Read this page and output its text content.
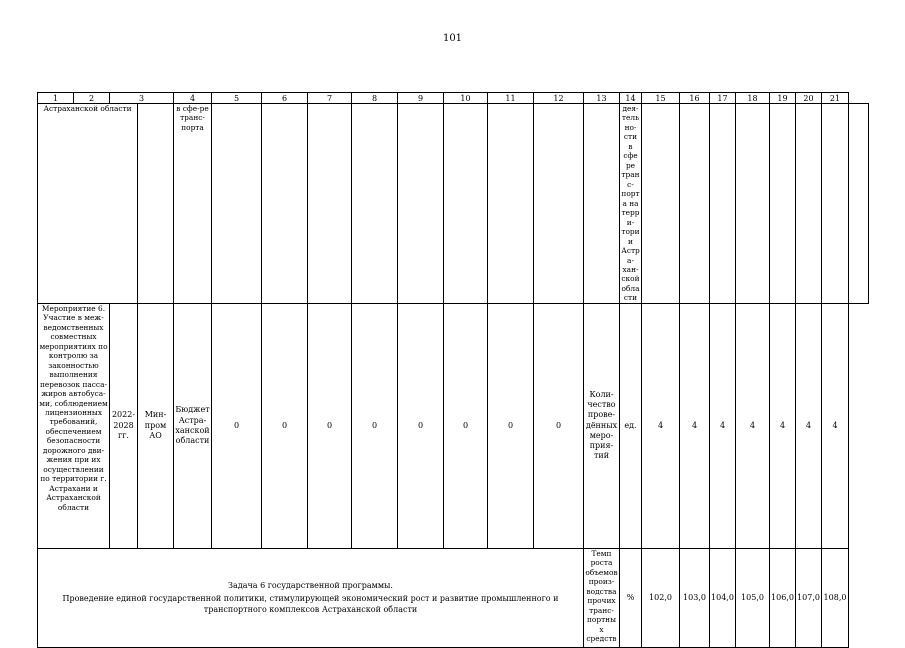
101
1 2	3		4	5	6	7	8	9	10	11	12	13	14	15	16	17	18	19	20	21	
Астраханской области			в сфе-ре транс-порта										дея-тельно-сти в сфере транс-порта на терри-тории Астра-хан-ской области								
Мероприятие 6. Участие в меж-ведомственных совместных мероприятиях по контролю за законностью выполнения перевозок пасса-жиров автобуса-ми, соблюдением лицензионных требований, обеспечением безопасности дорожного дви-жения при их осуществлении по территории г. Астрахани и Астраханской области	2022-2028 гг.	Мин-пром АО	Бюджет Астра-ханской области	0	0	0	0	0	0	0	0	Коли-чество прове-дённых меро-прия-тий	ед.	4	4	4	4	4	4	4	

Задача 6 государственной программы.
Проведение единой государственной политики, стимулирующей экономический рост и развитие промышленного и транспортного комплексов Астраханской области												Темп роста объемов произ-водства прочих транс-портных средств	%	102,0	103,0	104,0	105,0	106,0	107,0	108,0	
